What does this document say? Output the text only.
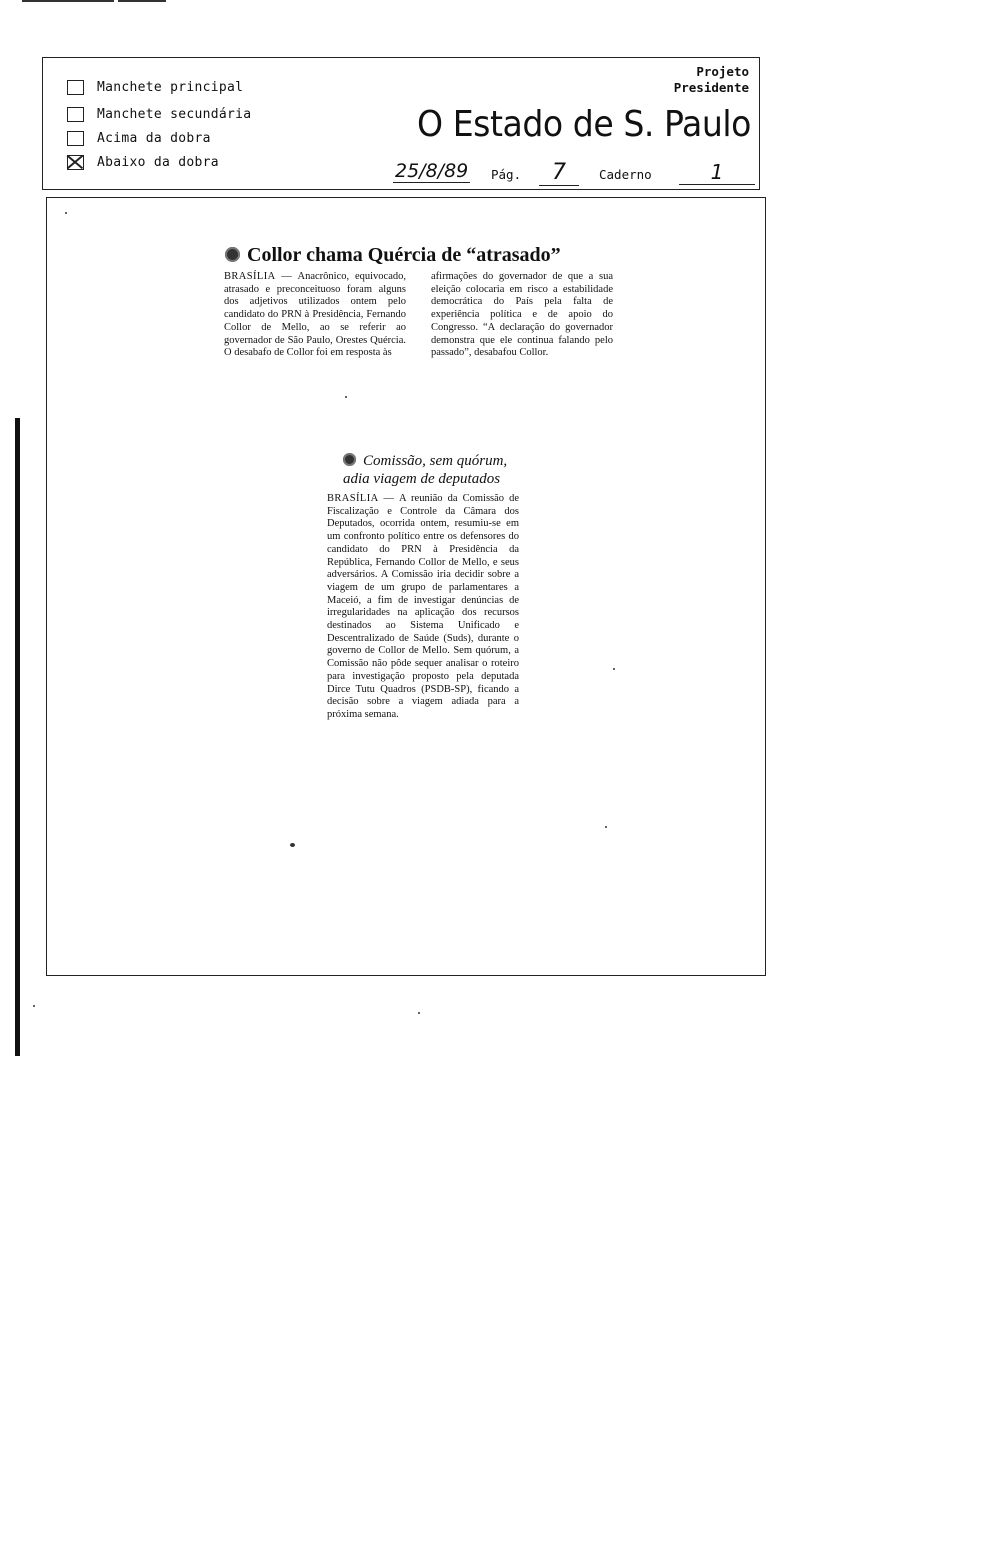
Manchete principal
Manchete secundária
Acima da dobra
Abaixo da dobra
Projeto
Presidente
O Estado de S. Paulo
25/8/89 Pág.	7	Caderno	1
Collor chama Quércia de “atrasado”
BRASÍLIA — Anacrônico, equivocado, atrasado e preconceituoso foram alguns dos adjetivos utilizados ontem pelo candidato do PRN à Presidência, Fernando Collor de Mello, ao se referir ao governador de São Paulo, Orestes Quércia. O desabafo de Collor foi em resposta às
afirmações do governador de que a sua eleição colocaria em risco a estabilidade democrática do País pela falta de experiência política e de apoio do Congresso. “A declaração do governador demonstra que ele continua falando pelo passado”, desabafou Collor.
Comissão, sem quórum, adia viagem de deputados
BRASÍLIA — A reunião da Comissão de Fiscalização e Controle da Câmara dos Deputados, ocorrida ontem, resumiu-se em um confronto político entre os defensores do candidato do PRN à Presidência da República, Fernando Collor de Mello, e seus adversários. A Comissão iria decidir sobre a viagem de um grupo de parlamentares a Maceió, a fim de investigar denúncias de irregularidades na aplicação dos recursos destinados ao Sistema Unificado e Descentralizado de Saúde (Suds), durante o governo de Collor de Mello. Sem quórum, a Comissão não pôde sequer analisar o roteiro para investigação proposto pela deputada Dirce Tutu Quadros (PSDB-SP), ficando a decisão sobre a viagem adiada para a próxima semana.
